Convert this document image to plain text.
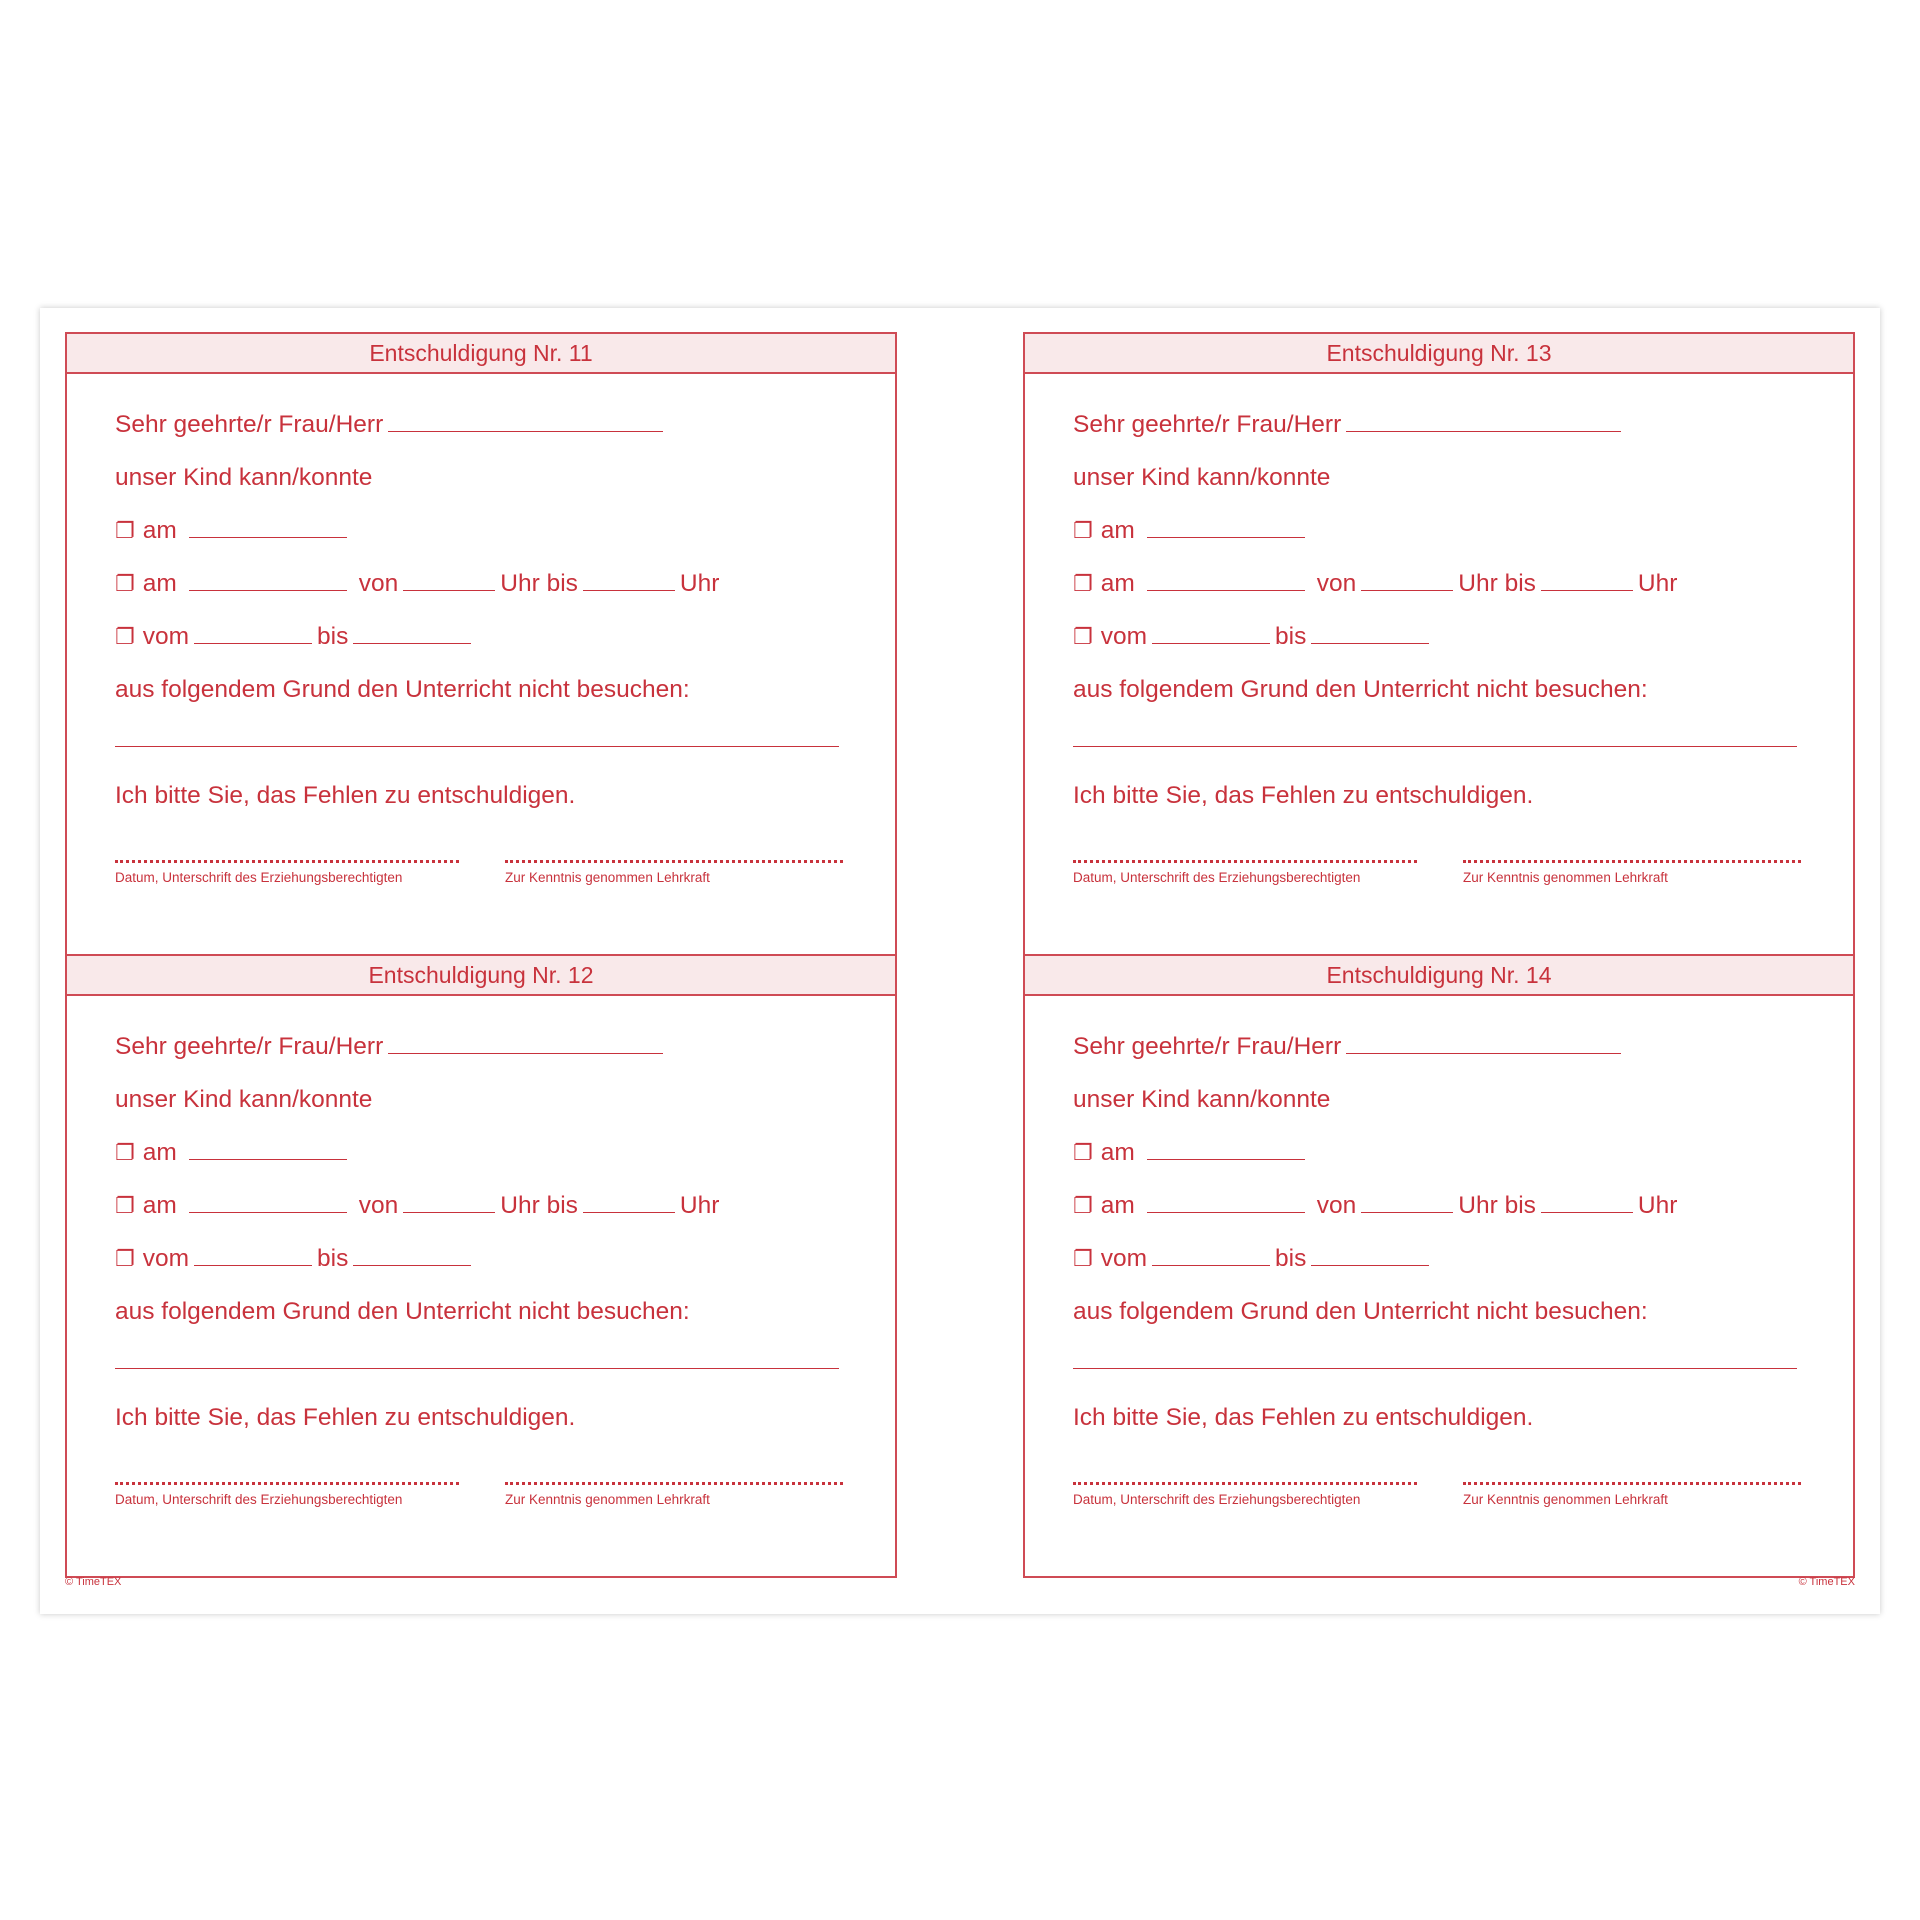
Entschuldigung Nr. 11
Sehr geehrte/r Frau/Herr
unser Kind kann/konnte
❐ am
❐ am	von	Uhr bis	Uhr
❐ vom	bis
aus folgendem Grund den Unterricht nicht besuchen:
Ich bitte Sie, das Fehlen zu entschuldigen.
Datum, Unterschrift des Erziehungsberechtigten	Zur Kenntnis genommen Lehrkraft
Entschuldigung Nr. 12
Sehr geehrte/r Frau/Herr
unser Kind kann/konnte
❐ am
❐ am	von	Uhr bis	Uhr
❐ vom	bis
aus folgendem Grund den Unterricht nicht besuchen:
Ich bitte Sie, das Fehlen zu entschuldigen.
Datum, Unterschrift des Erziehungsberechtigten	Zur Kenntnis genommen Lehrkraft
Entschuldigung Nr. 13
Sehr geehrte/r Frau/Herr
unser Kind kann/konnte
❐ am
❐ am	von	Uhr bis	Uhr
❐ vom	bis
aus folgendem Grund den Unterricht nicht besuchen:
Ich bitte Sie, das Fehlen zu entschuldigen.
Datum, Unterschrift des Erziehungsberechtigten	Zur Kenntnis genommen Lehrkraft
Entschuldigung Nr. 14
Sehr geehrte/r Frau/Herr
unser Kind kann/konnte
❐ am
❐ am	von	Uhr bis	Uhr
❐ vom	bis
aus folgendem Grund den Unterricht nicht besuchen:
Ich bitte Sie, das Fehlen zu entschuldigen.
Datum, Unterschrift des Erziehungsberechtigten	Zur Kenntnis genommen Lehrkraft
© TimeTEX	© TimeTEX
